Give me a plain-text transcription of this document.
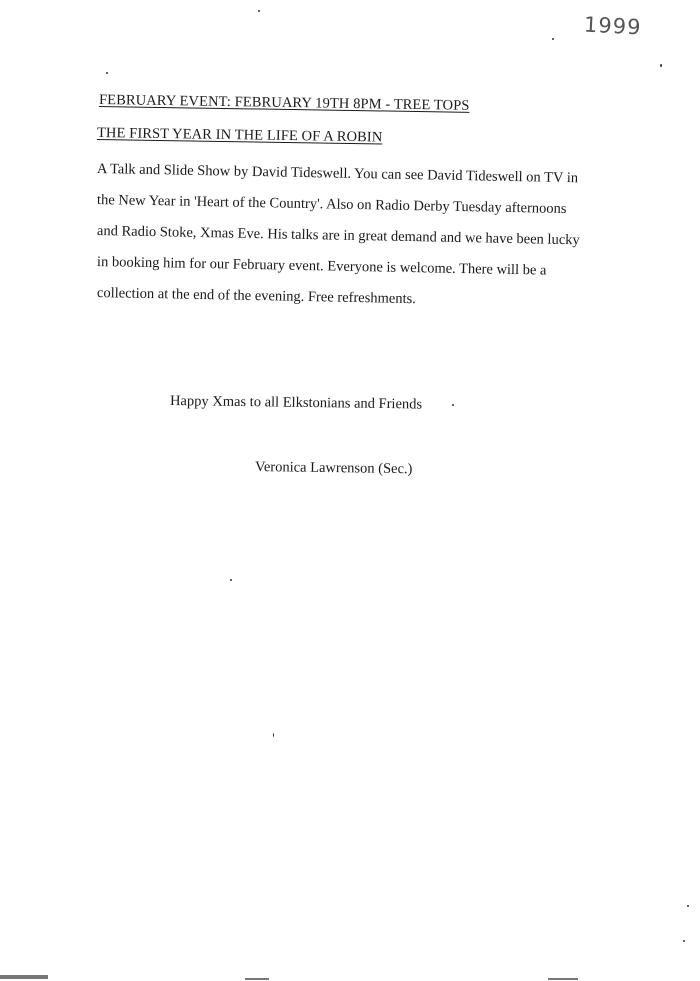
1999
FEBRUARY EVENT: FEBRUARY 19TH 8PM - TREE TOPS
THE FIRST YEAR IN THE LIFE OF A ROBIN
A Talk and Slide Show by David Tideswell. You can see David Tideswell on TV in
the New Year in 'Heart of the Country'. Also on Radio Derby Tuesday afternoons
and Radio Stoke, Xmas Eve. His talks are in great demand and we have been lucky
in booking him for our February event. Everyone is welcome. There will be a
collection at the end of the evening. Free refreshments.
Happy Xmas to all Elkstonians and Friends
Veronica Lawrenson (Sec.)
